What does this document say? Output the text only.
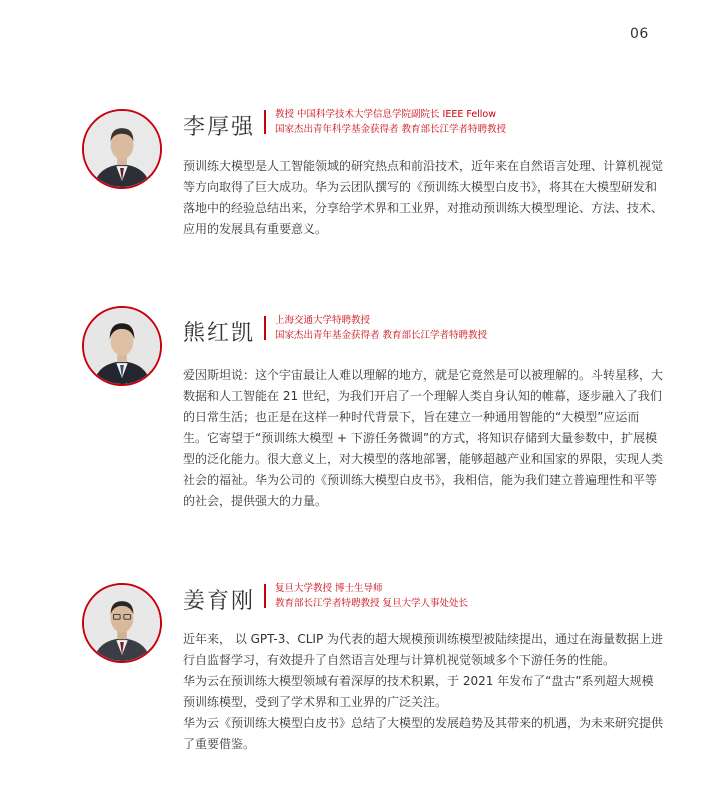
06
李厚强
教授 中国科学技术大学信息学院副院长 IEEE Fellow
国家杰出青年科学基金获得者 教育部长江学者特聘教授

预训练大模型是人工智能领域的研究热点和前沿技术，近年来在自然语言处理、计算机视觉等方向取得了巨大成功。华为云团队撰写的《预训练大模型白皮书》，将其在大模型研发和落地中的经验总结出来，分享给学术界和工业界，对推动预训练大模型理论、方法、技术、应用的发展具有重要意义。

熊红凯
上海交通大学特聘教授
国家杰出青年基金获得者 教育部长江学者特聘教授

爱因斯坦说：这个宇宙最让人难以理解的地方，就是它竟然是可以被理解的。斗转星移，大数据和人工智能在 21 世纪，为我们开启了一个理解人类自身认知的帷幕，逐步融入了我们的日常生活；也正是在这样一种时代背景下，旨在建立一种通用智能的“大模型”应运而生。它寄望于“预训练大模型 + 下游任务微调”的方式，将知识存储到大量参数中，扩展模型的泛化能力。很大意义上，对大模型的落地部署，能够超越产业和国家的界限，实现人类社会的福祉。华为公司的《预训练大模型白皮书》，我相信，能为我们建立普遍理性和平等的社会，提供强大的力量。

姜育刚
复旦大学教授 博士生导师
教育部长江学者特聘教授 复旦大学人事处处长

近年来， 以 GPT-3、CLIP 为代表的超大规模预训练模型被陆续提出，通过在海量数据上进行自监督学习，有效提升了自然语言处理与计算机视觉领域多个下游任务的性能。

华为云在预训练大模型领域有着深厚的技术积累，于 2021 年发布了“盘古”系列超大规模预训练模型，受到了学术界和工业界的广泛关注。

华为云《预训练大模型白皮书》总结了大模型的发展趋势及其带来的机遇，为未来研究提供了重要借鉴。
